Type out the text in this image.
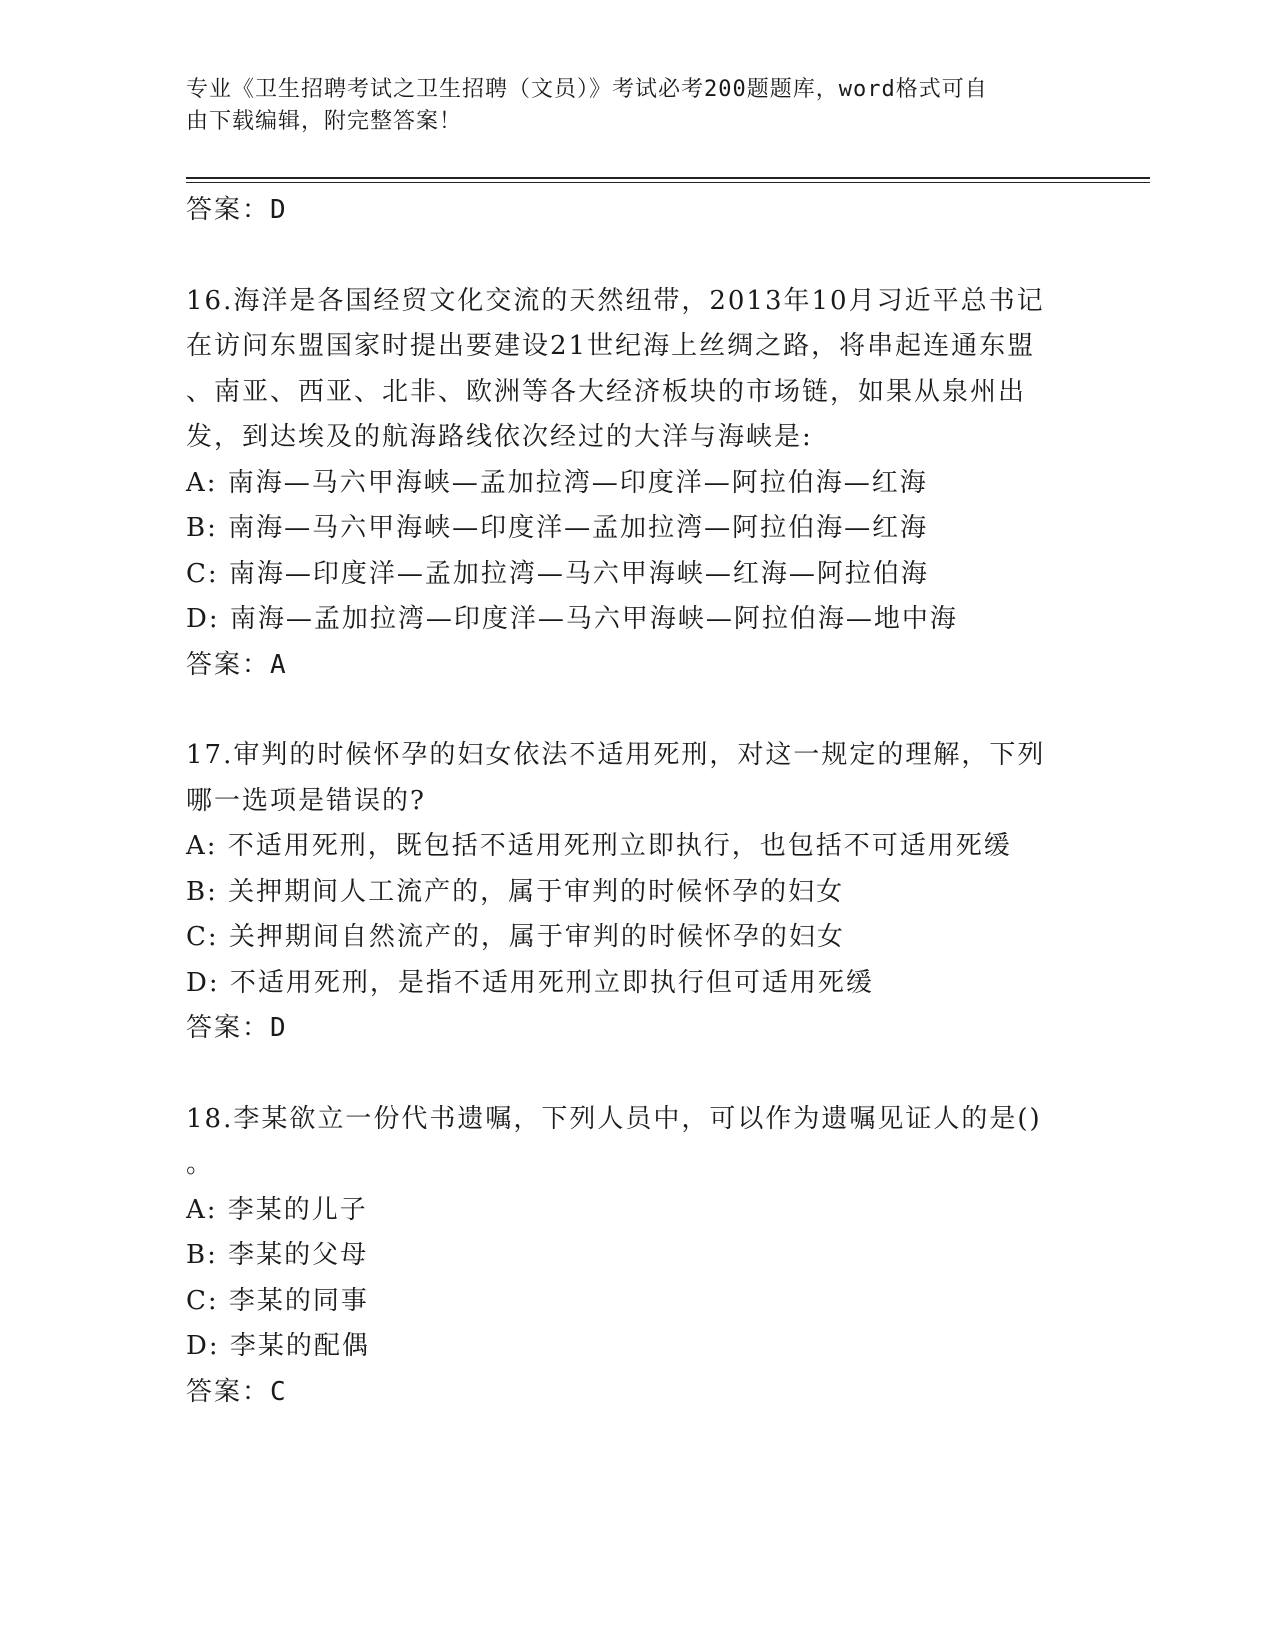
专业《卫生招聘考试之卫生招聘（文员）》考试必考200题题库，word格式可自
由下载编辑，附完整答案！
答案：D
16.海洋是各国经贸文化交流的天然纽带，2013年10月习近平总书记
在访问东盟国家时提出要建设21世纪海上丝绸之路，将串起连通东盟
、南亚、西亚、北非、欧洲等各大经济板块的市场链，如果从泉州出
发，到达埃及的航海路线依次经过的大洋与海峡是:
A: 南海—马六甲海峡—孟加拉湾—印度洋—阿拉伯海—红海
B: 南海—马六甲海峡—印度洋—孟加拉湾—阿拉伯海—红海
C: 南海—印度洋—孟加拉湾—马六甲海峡—红海—阿拉伯海
D: 南海—孟加拉湾—印度洋—马六甲海峡—阿拉伯海—地中海
答案：A
17.审判的时候怀孕的妇女依法不适用死刑，对这一规定的理解，下列
哪一选项是错误的?
A: 不适用死刑，既包括不适用死刑立即执行，也包括不可适用死缓
B: 关押期间人工流产的，属于审判的时候怀孕的妇女
C: 关押期间自然流产的，属于审判的时候怀孕的妇女
D: 不适用死刑，是指不适用死刑立即执行但可适用死缓
答案：D
18.李某欲立一份代书遗嘱，下列人员中，可以作为遗嘱见证人的是()
。
A: 李某的儿子
B: 李某的父母
C: 李某的同事
D: 李某的配偶
答案：C
